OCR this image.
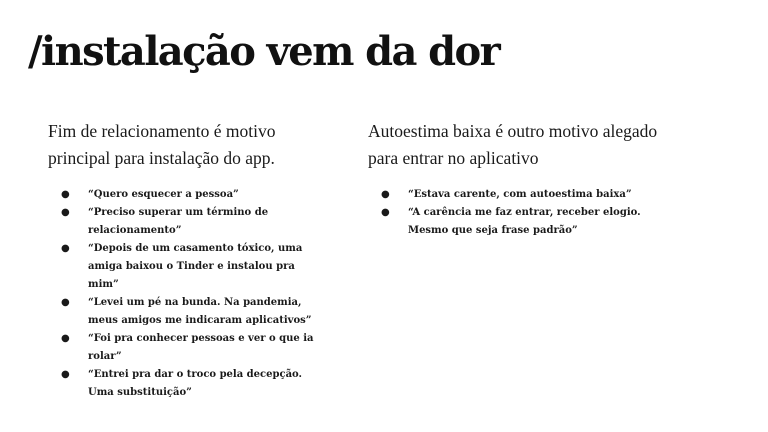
/instalação vem da dor

Fim de relacionamento é motivo principal para instalação do app.

● “Quero esquecer a pessoa”
● “Preciso superar um término de relacionamento”
● “Depois de um casamento tóxico, uma amiga baixou o Tinder e instalou pra mim”
● “Levei um pé na bunda. Na pandemia, meus amigos me indicaram aplicativos”
● “Foi pra conhecer pessoas e ver o que ia rolar”
● “Entrei pra dar o troco pela decepção. Uma substituição”

Autoestima baixa é outro motivo alegado para entrar no aplicativo

● “Estava carente, com autoestima baixa”
● “A carência me faz entrar, receber elogio. Mesmo que seja frase padrão”
